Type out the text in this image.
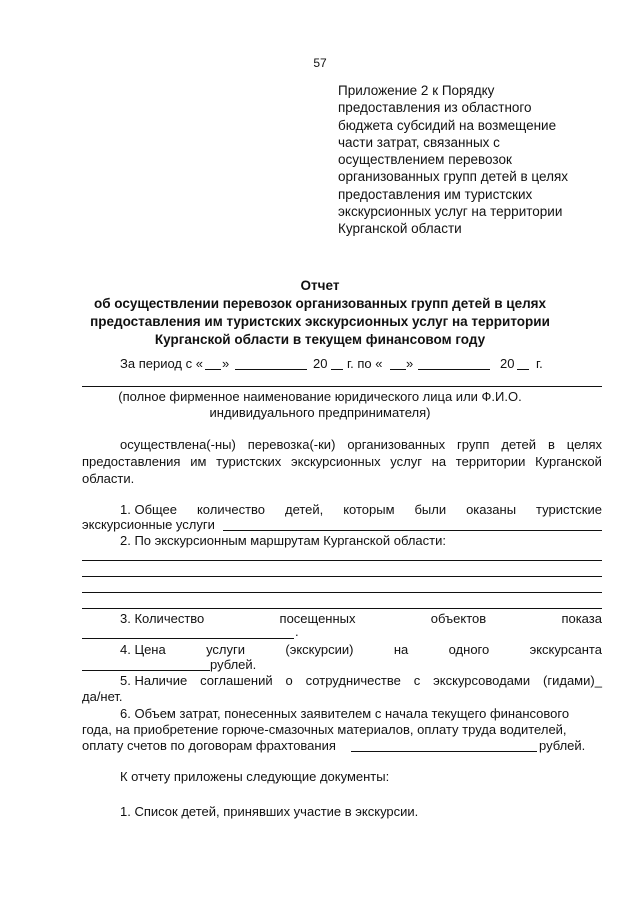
57
Приложение 2 к Порядку
предоставления из областного
бюджета субсидий на возмещение
части затрат, связанных с
осуществлением перевозок
организованных групп детей в целях
предоставления им туристских
экскурсионных услуг на территории
Курганской области
Отчет
об осуществлении перевозок организованных групп детей в целях
предоставления им туристских экскурсионных услуг на территории
Курганской области в текущем финансовом году
За период с « »	20 г. по « »	20 г.
(полное фирменное наименование юридического лица или Ф.И.О.
индивидуального предпринимателя)
осуществлена(-ны) перевозка(-ки) организованных групп детей в целях
предоставления им туристских экскурсионных услуг на территории Курганской
области.
1. Общее количество детей, которым были оказаны туристские
экскурсионные услуги
2. По экскурсионным маршрутам Курганской области:
3. Количество	посещенных	объектов	показа
.
4. Цена	услуги	(экскурсии)	на	одного	экскурсанта
рублей.
5. Наличие соглашений о сотрудничестве с экскурсоводами (гидами)_
да/нет.
6. Объем затрат, понесенных заявителем с начала текущего финансового
года, на приобретение горюче-смазочных материалов, оплату труда водителей,
оплату счетов по договорам фрахтования	рублей.
К отчету приложены следующие документы:
1. Список детей, принявших участие в экскурсии.
